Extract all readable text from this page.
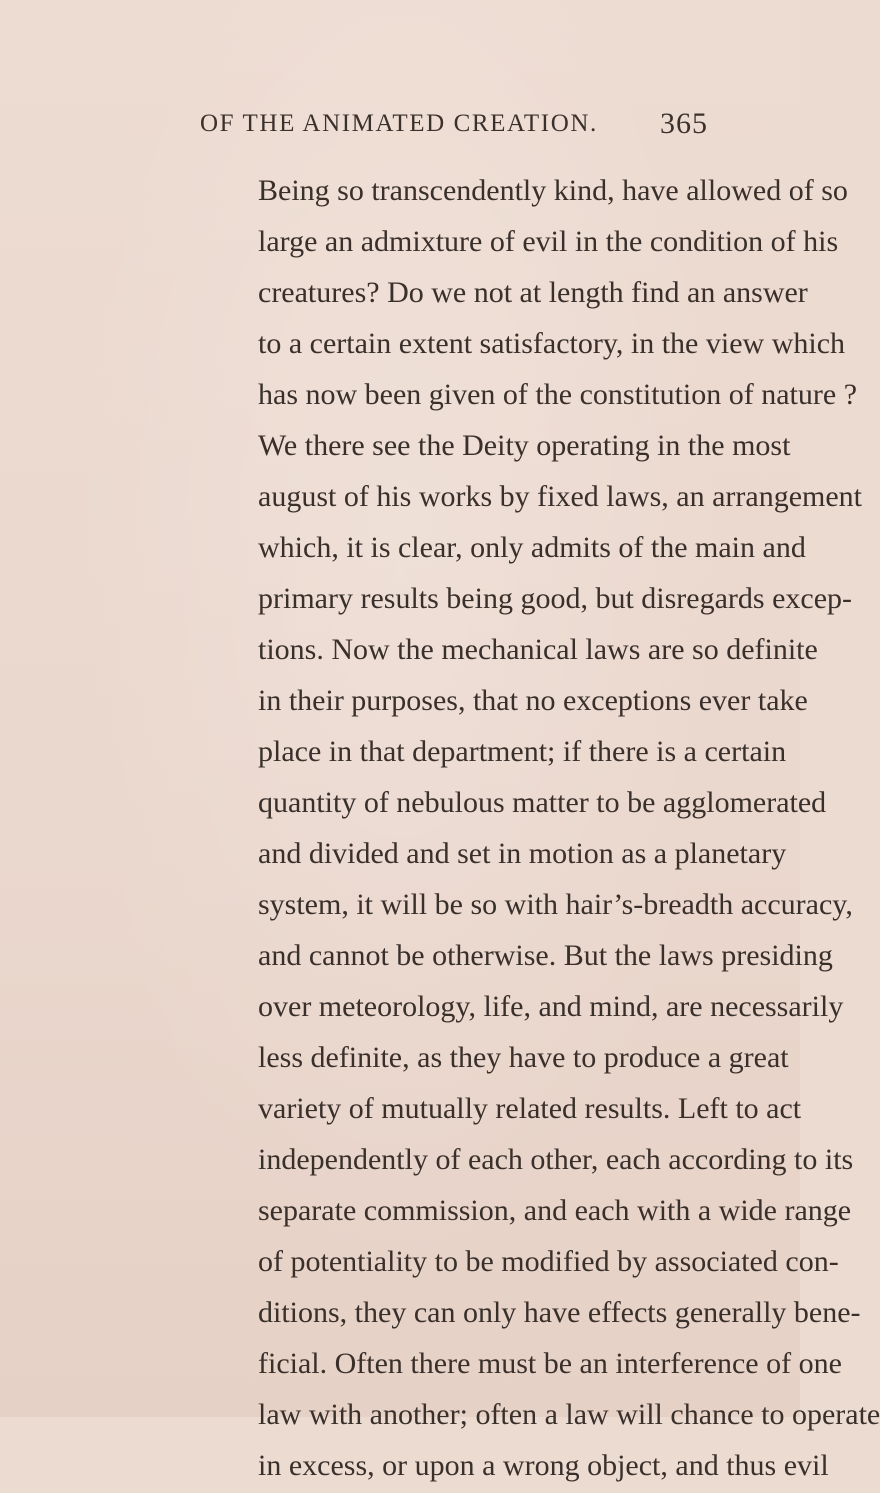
OF THE ANIMATED CREATION. 365
Being so transcendently kind, have allowed of so
large an admixture of evil in the condition of his
creatures? Do we not at length find an answer
to a certain extent satisfactory, in the view which
has now been given of the constitution of nature ?
We there see the Deity operating in the most
august of his works by fixed laws, an arrangement
which, it is clear, only admits of the main and
primary results being good, but disregards excep-
tions. Now the mechanical laws are so definite
in their purposes, that no exceptions ever take
place in that department; if there is a certain
quantity of nebulous matter to be agglomerated
and divided and set in motion as a planetary
system, it will be so with hair’s-breadth accuracy,
and cannot be otherwise. But the laws presiding
over meteorology, life, and mind, are necessarily
less definite, as they have to produce a great
variety of mutually related results. Left to act
independently of each other, each according to its
separate commission, and each with a wide range
of potentiality to be modified by associated con-
ditions, they can only have effects generally bene-
ficial. Often there must be an interference of one
law with another; often a law will chance to operate
in excess, or upon a wrong object, and thus evil
